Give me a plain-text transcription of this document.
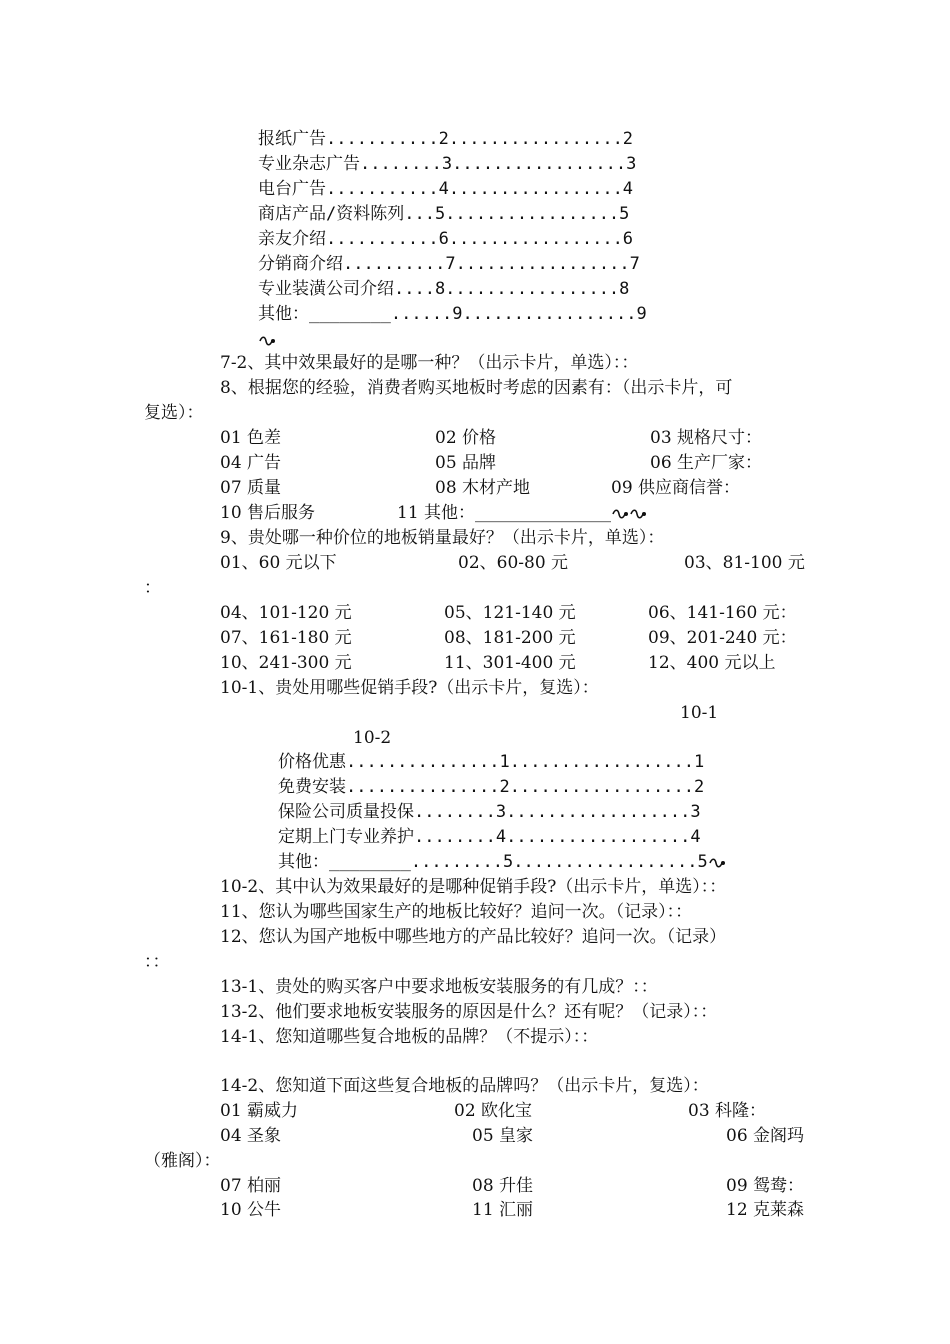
报纸广告...........2.................2
专业杂志广告........3.................3
电台广告...........4.................4
商店产品/资料陈列...5.................5
亲友介绍...........6.................6
分销商介绍..........7.................7
专业装潢公司介绍....8.................8
其他：________......9.................9
7-2、其中效果最好的是哪一种？（出示卡片，单选）：：
8、根据您的经验，消费者购买地板时考虑的因素有：（出示卡片，可
复选）：
01 色差	02 价格	03 规格尺寸：
04 广告	05 品牌	06 生产厂家：
07 质量	08 木材产地	09 供应商信誉：
10 售后服务	11 其他：________________
9、贵处哪一种价位的地板销量最好？（出示卡片，单选）：
01、60 元以下	02、60-80 元	03、81-100 元
：
04、101-120 元	05、121-140 元	06、141-160 元：
07、161-180 元	08、181-200 元	09、201-240 元：
10、241-300 元	11、301-400 元	12、400 元以上
10-1、贵处用哪些促销手段?（出示卡片，复选）：
10-1
10-2
价格优惠...............1..................1
免费安装...............2..................2
保险公司质量投保........3..................3
定期上门专业养护........4..................4
其他：________.........5..................5
10-2、其中认为效果最好的是哪种促销手段?（出示卡片，单选）：：
11、您认为哪些国家生产的地板比较好？追问一次。（记录）：：
12、您认为国产地板中哪些地方的产品比较好？追问一次。（记录）
：：
13-1、贵处的购买客户中要求地板安装服务的有几成？：：
13-2、他们要求地板安装服务的原因是什么？还有呢？（记录）：：
14-1、您知道哪些复合地板的品牌？（不提示）：：
14-2、您知道下面这些复合地板的品牌吗？（出示卡片，复选）：
01 霸威力	02 欧化宝	03 科隆：
04 圣象	05 皇家	06 金阁玛
（雅阁）：
07 柏丽	08 升佳	09 鸳鸯：
10 公牛	11 汇丽	12 克莱森
